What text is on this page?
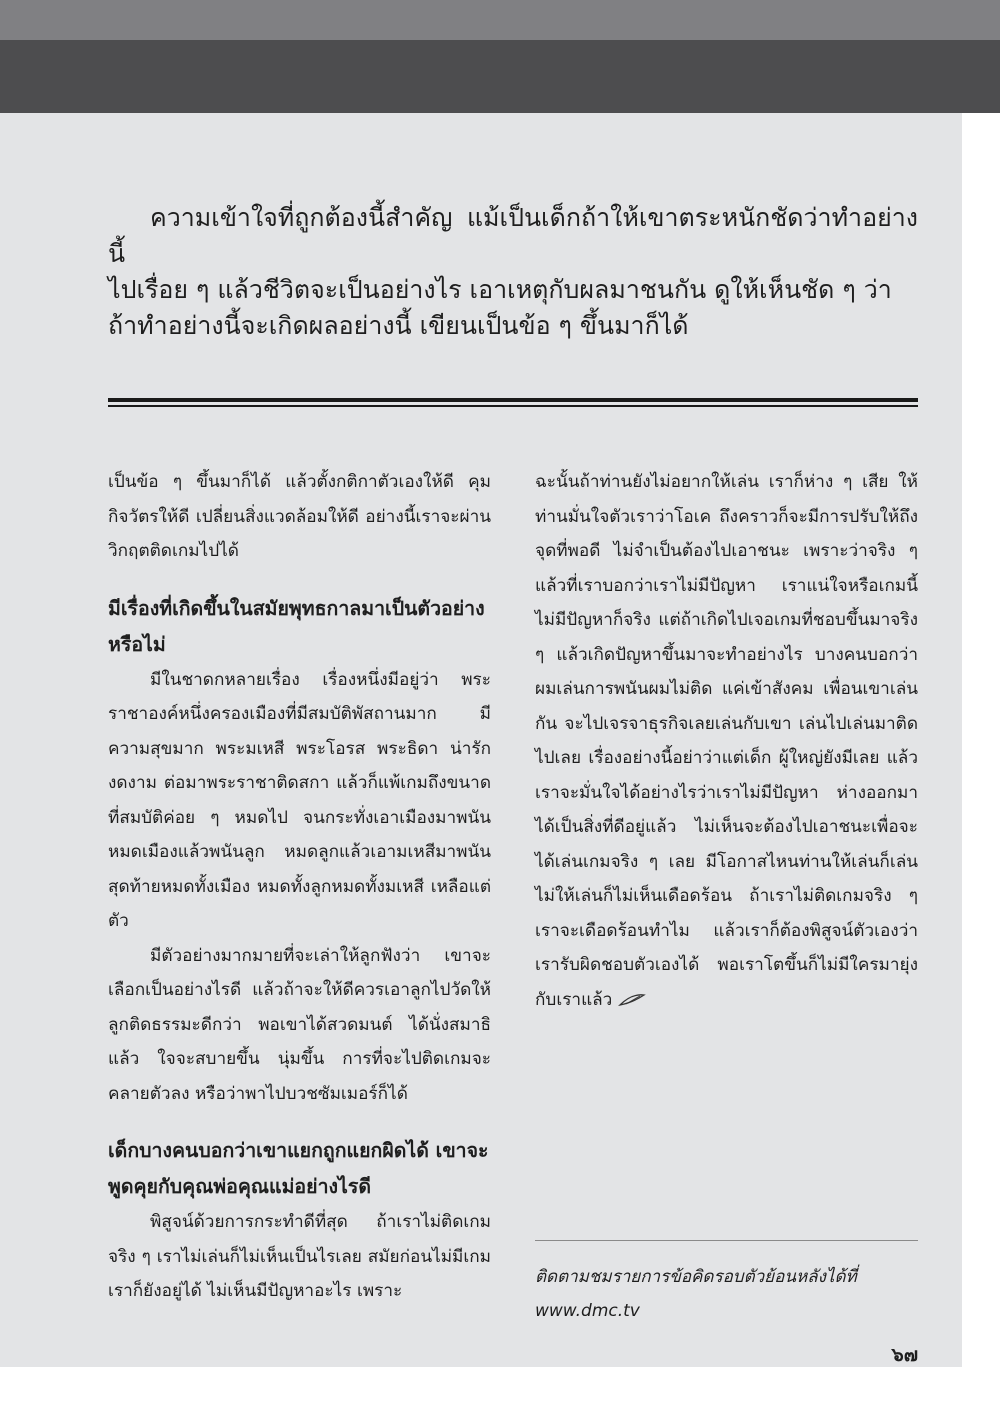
ความเข้าใจที่ถูกต้องนี้สำคัญ แม้เป็นเด็กถ้าให้เขาตระหนักชัดว่าทำอย่างนี้
ไปเรื่อย ๆ แล้วชีวิตจะเป็นอย่างไร เอาเหตุกับผลมาชนกัน ดูให้เห็นชัด ๆ ว่า
ถ้าทำอย่างนี้จะเกิดผลอย่างนี้ เขียนเป็นข้อ ๆ ขึ้นมาก็ได้

เป็นข้อ ๆ ขึ้นมาก็ได้ แล้วตั้งกติกาตัวเองให้ดี คุมกิจวัตรให้ดี เปลี่ยนสิ่งแวดล้อมให้ดี อย่างนี้เราจะผ่านวิกฤตติดเกมไปได้

มีเรื่องที่เกิดขึ้นในสมัยพุทธกาลมาเป็นตัวอย่างหรือไม่

มีในชาดกหลายเรื่อง เรื่องหนึ่งมีอยู่ว่า พระราชาองค์หนึ่งครองเมืองที่มีสมบัติพัสถานมาก มีความสุขมาก พระมเหสี พระโอรส พระธิดา น่ารักงดงาม ต่อมาพระราชาติดสกา แล้วก็แพ้เกมถึงขนาดที่สมบัติค่อย ๆ หมดไป จนกระทั่งเอาเมืองมาพนัน หมดเมืองแล้วพนันลูก หมดลูกแล้วเอามเหสีมาพนัน สุดท้ายหมดทั้งเมือง หมดทั้งลูกหมดทั้งมเหสี เหลือแต่ตัว

มีตัวอย่างมากมายที่จะเล่าให้ลูกฟังว่า เขาจะเลือกเป็นอย่างไรดี แล้วถ้าจะให้ดีควรเอาลูกไปวัดให้ลูกติดธรรมะดีกว่า พอเขาได้สวดมนต์ ได้นั่งสมาธิแล้ว ใจจะสบายขึ้น นุ่มขึ้น การที่จะไปติดเกมจะคลายตัวลง หรือว่าพาไปบวชซัมเมอร์ก็ได้

เด็กบางคนบอกว่าเขาแยกถูกแยกผิดได้ เขาจะพูดคุยกับคุณพ่อคุณแม่อย่างไรดี

พิสูจน์ด้วยการกระทำดีที่สุด ถ้าเราไม่ติดเกมจริง ๆ เราไม่เล่นก็ไม่เห็นเป็นไรเลย สมัยก่อนไม่มีเกมเราก็ยังอยู่ได้ ไม่เห็นมีปัญหาอะไร เพราะ

ฉะนั้นถ้าท่านยังไม่อยากให้เล่น เราก็ห่าง ๆ เสีย ให้ท่านมั่นใจตัวเราว่าโอเค ถึงคราวก็จะมีการปรับให้ถึงจุดที่พอดี ไม่จำเป็นต้องไปเอาชนะ เพราะว่าจริง ๆ แล้วที่เราบอกว่าเราไม่มีปัญหา เราแน่ใจหรือเกมนี้ไม่มีปัญหาก็จริง แต่ถ้าเกิดไปเจอเกมที่ชอบขึ้นมาจริง ๆ แล้วเกิดปัญหาขึ้นมาจะทำอย่างไร บางคนบอกว่า ผมเล่นการพนันผมไม่ติด แค่เข้าสังคม เพื่อนเขาเล่นกัน จะไปเจรจาธุรกิจเลยเล่นกับเขา เล่นไปเล่นมาติดไปเลย เรื่องอย่างนี้อย่าว่าแต่เด็ก ผู้ใหญ่ยังมีเลย แล้วเราจะมั่นใจได้อย่างไรว่าเราไม่มีปัญหา ห่างออกมาได้เป็นสิ่งที่ดีอยู่แล้ว ไม่เห็นจะต้องไปเอาชนะเพื่อจะได้เล่นเกมจริง ๆ เลย มีโอกาสไหนท่านให้เล่นก็เล่น ไม่ให้เล่นก็ไม่เห็นเดือดร้อน ถ้าเราไม่ติดเกมจริง ๆ เราจะเดือดร้อนทำไม แล้วเราก็ต้องพิสูจน์ตัวเองว่า เรารับผิดชอบตัวเองได้ พอเราโตขึ้นก็ไม่มีใครมายุ่งกับเราแล้ว

ติดตามชมรายการข้อคิดรอบตัวย้อนหลังได้ที่
www.dmc.tv
๖๗
